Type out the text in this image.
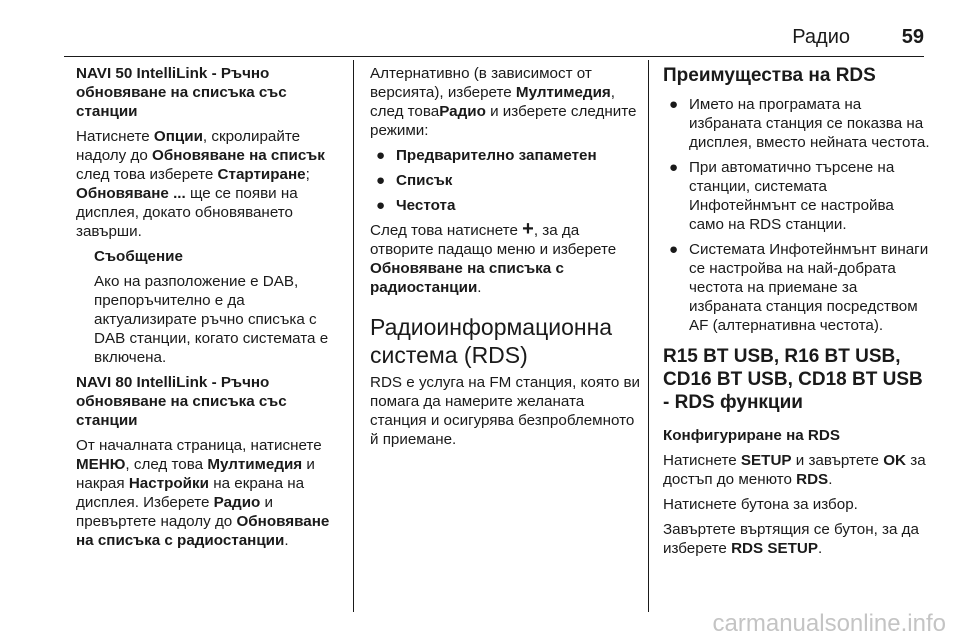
Радио	59

NAVI 50 IntelliLink - Ръчно обновяване на списъка със станции

Натиснете Опции, скролирайте надолу до Обновяване на списък след това изберете Стартиране; Обновяване ... ще се появи на дисплея, докато обновяването завърши.

Съобщение

Ако на разположение е DAB, препоръчително е да актуализирате ръчно списъка с DAB станции, когато системата е включена.

NAVI 80 IntelliLink - Ръчно обновяване на списъка със станции

От началната страница, натиснете МЕНЮ, след това Мултимедия и накрая Настройки на екрана на дисплея. Изберете Радио и превъртете надолу до Обновяване на списъка с радиостанции.

Алтернативно (в зависимост от версията), изберете Мултимедия, след товаРадио и изберете следните режими:

● Предварително запаметен
● Списък
● Честота

След това натиснете +, за да отворите падащо меню и изберете Обновяване на списъка с радиостанции.

Радиоинформационна система (RDS)

RDS е услуга на FM станция, която ви помага да намерите желаната станция и осигурява безпроблемното й приемане.

Преимущества на RDS
● Името на програмата на избраната станция се показва на дисплея, вместо нейната честота.
● При автоматично търсене на станции, системата Инфотейнмънт се настройва само на RDS станции.
● Системата Инфотейнмънт винаги се настройва на най-добрата честота на приемане за избраната станция посредством AF (алтернативна честота).
R15 BT USB, R16 BT USB, CD16 BT USB, CD18 BT USB - RDS функции

Конфигуриране на RDS

Натиснете SETUP и завъртете OK за достъп до менюто RDS.

Натиснете бутона за избор.

Завъртете въртящия се бутон, за да изберете RDS SETUP.

carmanualsonline.info
